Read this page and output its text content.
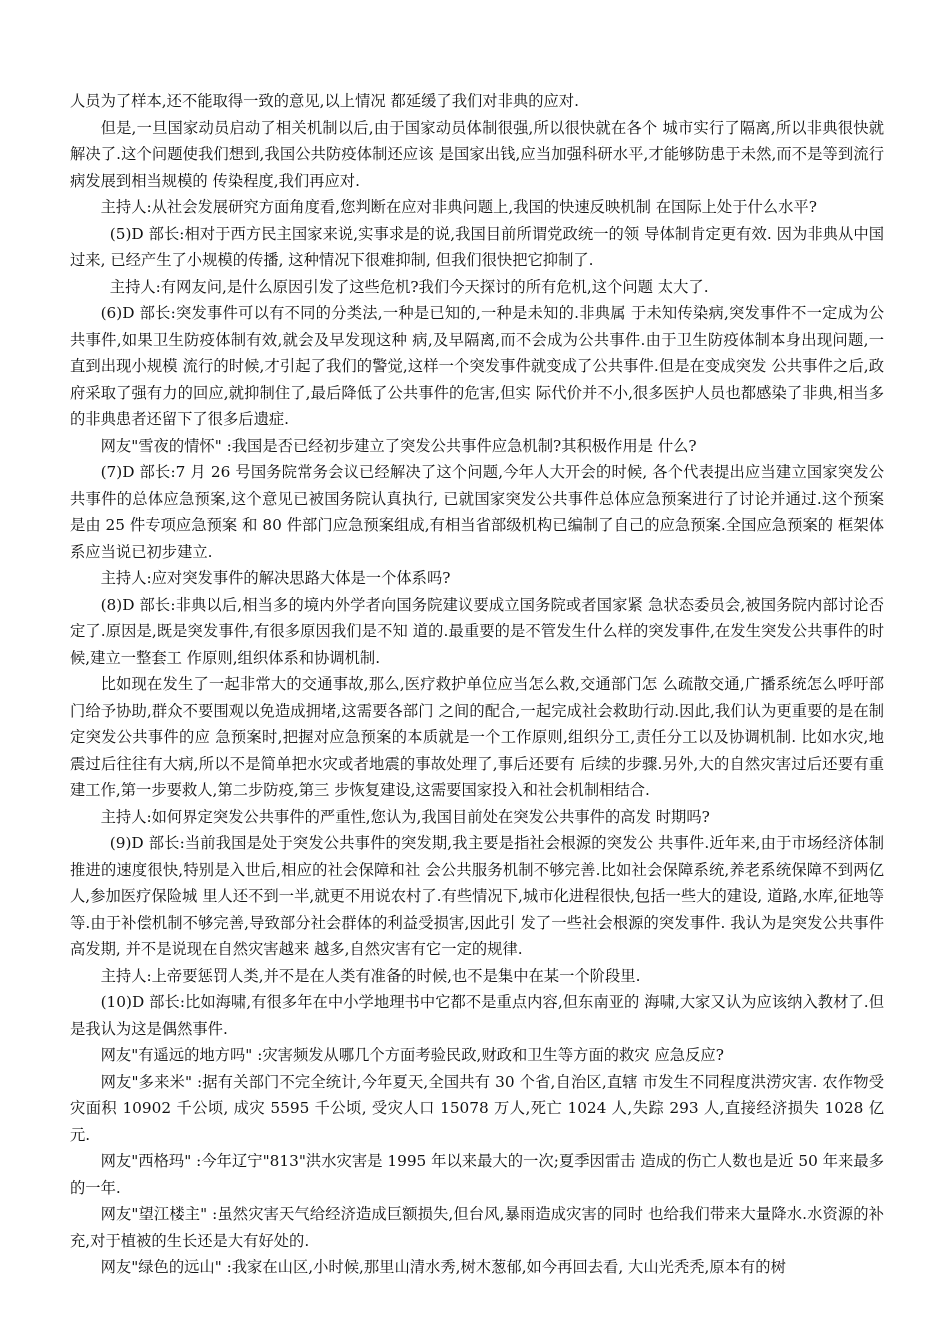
人员为了样本,还不能取得一致的意见,以上情况 都延缓了我们对非典的应对.

但是,一旦国家动员启动了相关机制以后,由于国家动员体制很强,所以很快就在各个 城市实行了隔离,所以非典很快就解决了.这个问题使我们想到,我国公共防疫体制还应该 是国家出钱,应当加强科研水平,才能够防患于未然,而不是等到流行病发展到相当规模的 传染程度,我们再应对.

主持人:从社会发展研究方面角度看,您判断在应对非典问题上,我国的快速反映机制 在国际上处于什么水平?

(5)D 部长:相对于西方民主国家来说,实事求是的说,我国目前所谓党政统一的领 导体制肯定更有效. 因为非典从中国过来, 已经产生了小规模的传播, 这种情况下很难抑制, 但我们很快把它抑制了.

主持人:有网友问,是什么原因引发了这些危机?我们今天探讨的所有危机,这个问题 太大了.

(6)D 部长:突发事件可以有不同的分类法,一种是已知的,一种是未知的.非典属 于未知传染病,突发事件不一定成为公共事件,如果卫生防疫体制有效,就会及早发现这种 病,及早隔离,而不会成为公共事件.由于卫生防疫体制本身出现问题,一直到出现小规模 流行的时候,才引起了我们的警觉,这样一个突发事件就变成了公共事件.但是在变成突发 公共事件之后,政府采取了强有力的回应,就抑制住了,最后降低了公共事件的危害,但实 际代价并不小,很多医护人员也都感染了非典,相当多的非典患者还留下了很多后遗症.

网友"雪夜的情怀" :我国是否已经初步建立了突发公共事件应急机制?其积极作用是 什么?

(7)D 部长:7 月 26 号国务院常务会议已经解决了这个问题,今年人大开会的时候, 各个代表提出应当建立国家突发公共事件的总体应急预案,这个意见已被国务院认真执行, 已就国家突发公共事件总体应急预案进行了讨论并通过.这个预案是由 25 件专项应急预案 和 80 件部门应急预案组成,有相当省部级机构已编制了自己的应急预案.全国应急预案的 框架体系应当说已初步建立.

主持人:应对突发事件的解决思路大体是一个体系吗?

(8)D 部长:非典以后,相当多的境内外学者向国务院建议要成立国务院或者国家紧 急状态委员会,被国务院内部讨论否定了.原因是,既是突发事件,有很多原因我们是不知 道的.最重要的是不管发生什么样的突发事件,在发生突发公共事件的时候,建立一整套工 作原则,组织体系和协调机制.

比如现在发生了一起非常大的交通事故,那么,医疗救护单位应当怎么救,交通部门怎 么疏散交通,广播系统怎么呼吁部门给予协助,群众不要围观以免造成拥堵,这需要各部门 之间的配合,一起完成社会救助行动.因此,我们认为更重要的是在制定突发公共事件的应 急预案时,把握对应急预案的本质就是一个工作原则,组织分工,责任分工以及协调机制. 比如水灾,地震过后往往有大病,所以不是简单把水灾或者地震的事故处理了,事后还要有 后续的步骤.另外,大的自然灾害过后还要有重建工作,第一步要救人,第二步防疫,第三 步恢复建设,这需要国家投入和社会机制相结合.

主持人:如何界定突发公共事件的严重性,您认为,我国目前处在突发公共事件的高发 时期吗?

(9)D 部长:当前我国是处于突发公共事件的突发期,我主要是指社会根源的突发公 共事件.近年来,由于市场经济体制推进的速度很快,特别是入世后,相应的社会保障和社 会公共服务机制不够完善.比如社会保障系统,养老系统保障不到两亿人,参加医疗保险城 里人还不到一半,就更不用说农村了.有些情况下,城市化进程很快,包括一些大的建设, 道路,水库,征地等等.由于补偿机制不够完善,导致部分社会群体的利益受损害,因此引 发了一些社会根源的突发事件. 我认为是突发公共事件高发期, 并不是说现在自然灾害越来 越多,自然灾害有它一定的规律.

主持人:上帝要惩罚人类,并不是在人类有准备的时候,也不是集中在某一个阶段里.

(10)D 部长:比如海啸,有很多年在中小学地理书中它都不是重点内容,但东南亚的 海啸,大家又认为应该纳入教材了.但是我认为这是偶然事件.

网友"有遥远的地方吗" :灾害频发从哪几个方面考验民政,财政和卫生等方面的救灾 应急反应?

网友"多来米" :据有关部门不完全统计,今年夏天,全国共有 30 个省,自治区,直辖 市发生不同程度洪涝灾害. 农作物受灾面积 10902 千公顷, 成灾 5595 千公顷, 受灾人口 15078 万人,死亡 1024 人,失踪 293 人,直接经济损失 1028 亿元.

网友"西格玛" :今年辽宁"813"洪水灾害是 1995 年以来最大的一次;夏季因雷击 造成的伤亡人数也是近 50 年来最多的一年.

网友"望江楼主" :虽然灾害天气给经济造成巨额损失,但台风,暴雨造成灾害的同时 也给我们带来大量降水.水资源的补充,对于植被的生长还是大有好处的.

网友"绿色的远山" :我家在山区,小时候,那里山清水秀,树木葱郁,如今再回去看, 大山光秃秃,原本有的树
